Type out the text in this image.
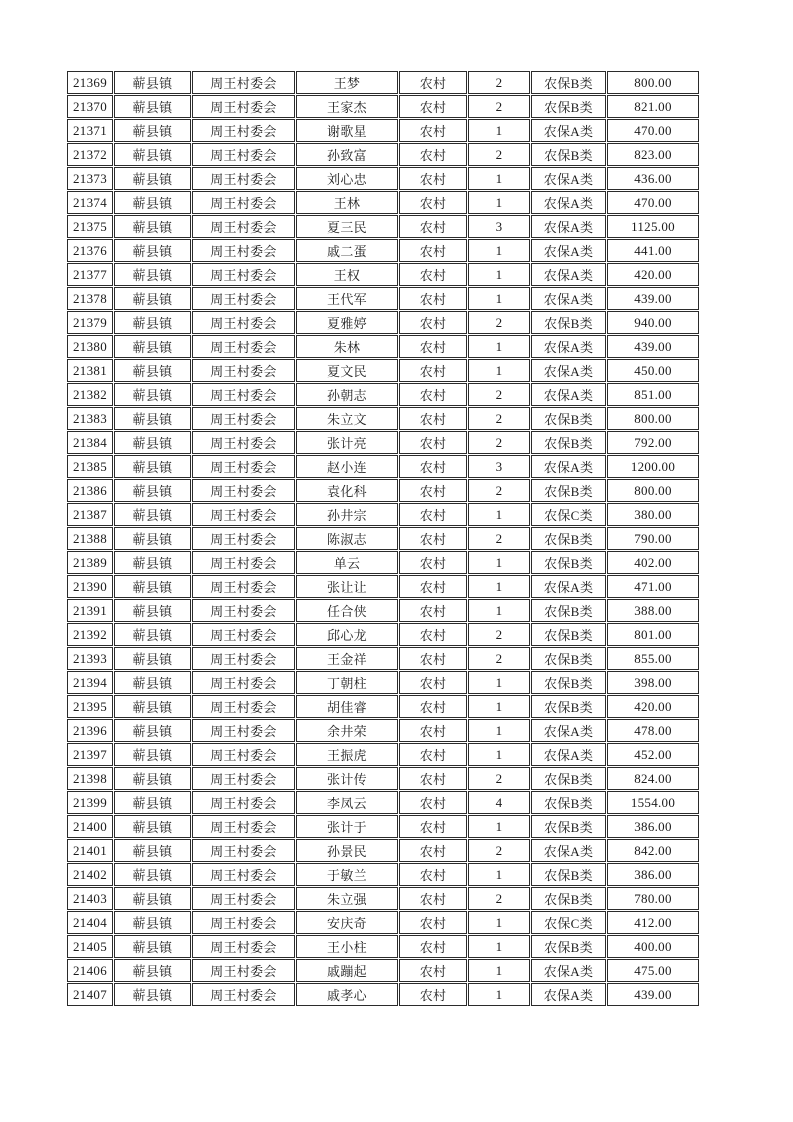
21369	蕲县镇	周王村委会	王梦	农村	2	农保B类	800.00
21370	蕲县镇	周王村委会	王家杰	农村	2	农保B类	821.00
21371	蕲县镇	周王村委会	谢歌星	农村	1	农保A类	470.00
21372	蕲县镇	周王村委会	孙致富	农村	2	农保B类	823.00
21373	蕲县镇	周王村委会	刘心忠	农村	1	农保A类	436.00
21374	蕲县镇	周王村委会	王林	农村	1	农保A类	470.00
21375	蕲县镇	周王村委会	夏三民	农村	3	农保A类	1125.00
21376	蕲县镇	周王村委会	戚二蛋	农村	1	农保A类	441.00
21377	蕲县镇	周王村委会	王权	农村	1	农保A类	420.00
21378	蕲县镇	周王村委会	王代军	农村	1	农保A类	439.00
21379	蕲县镇	周王村委会	夏雅婷	农村	2	农保B类	940.00
21380	蕲县镇	周王村委会	朱林	农村	1	农保A类	439.00
21381	蕲县镇	周王村委会	夏文民	农村	1	农保A类	450.00
21382	蕲县镇	周王村委会	孙朝志	农村	2	农保A类	851.00
21383	蕲县镇	周王村委会	朱立文	农村	2	农保B类	800.00
21384	蕲县镇	周王村委会	张计亮	农村	2	农保B类	792.00
21385	蕲县镇	周王村委会	赵小连	农村	3	农保A类	1200.00
21386	蕲县镇	周王村委会	袁化科	农村	2	农保B类	800.00
21387	蕲县镇	周王村委会	孙井宗	农村	1	农保C类	380.00
21388	蕲县镇	周王村委会	陈淑志	农村	2	农保B类	790.00
21389	蕲县镇	周王村委会	单云	农村	1	农保B类	402.00
21390	蕲县镇	周王村委会	张让让	农村	1	农保A类	471.00
21391	蕲县镇	周王村委会	任合侠	农村	1	农保B类	388.00
21392	蕲县镇	周王村委会	邱心龙	农村	2	农保B类	801.00
21393	蕲县镇	周王村委会	王金祥	农村	2	农保B类	855.00
21394	蕲县镇	周王村委会	丁朝柱	农村	1	农保B类	398.00
21395	蕲县镇	周王村委会	胡佳睿	农村	1	农保B类	420.00
21396	蕲县镇	周王村委会	余井荣	农村	1	农保A类	478.00
21397	蕲县镇	周王村委会	王振虎	农村	1	农保A类	452.00
21398	蕲县镇	周王村委会	张计传	农村	2	农保B类	824.00
21399	蕲县镇	周王村委会	李凤云	农村	4	农保B类	1554.00
21400	蕲县镇	周王村委会	张计于	农村	1	农保B类	386.00
21401	蕲县镇	周王村委会	孙景民	农村	2	农保A类	842.00
21402	蕲县镇	周王村委会	于敏兰	农村	1	农保B类	386.00
21403	蕲县镇	周王村委会	朱立强	农村	2	农保B类	780.00
21404	蕲县镇	周王村委会	安庆奇	农村	1	农保C类	412.00
21405	蕲县镇	周王村委会	王小柱	农村	1	农保B类	400.00
21406	蕲县镇	周王村委会	戚蹦起	农村	1	农保A类	475.00
21407	蕲县镇	周王村委会	戚孝心	农村	1	农保A类	439.00
